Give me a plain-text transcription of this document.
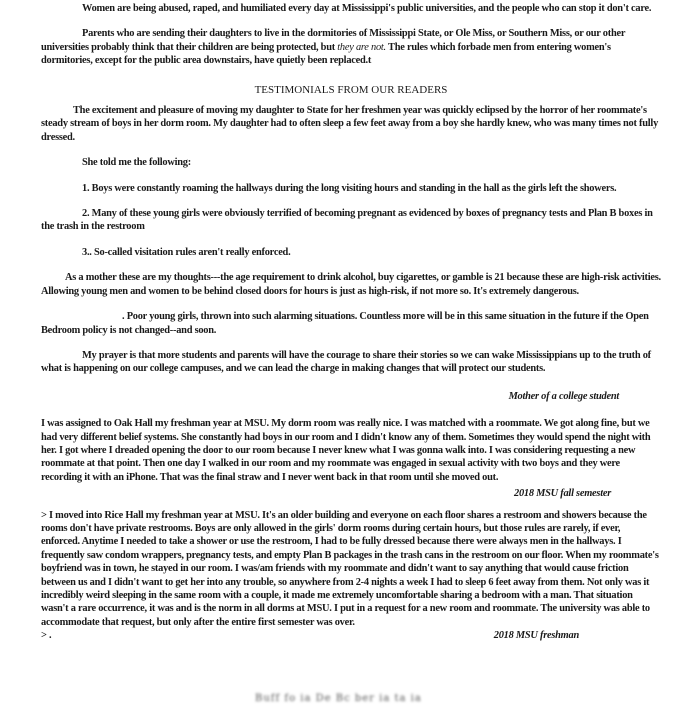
Women are being abused, raped, and humiliated every day at Mississippi's public universities, and the people who can stop it don't care.

Parents who are sending their daughters to live in the dormitories of Mississippi State, or Ole Miss, or Southern Miss, or our other universities probably think that their children are being protected, but they are not. The rules which forbade men from entering women's dormitories, except for the public area downstairs, have quietly been replaced.t

TESTIMONIALS FROM OUR READERS

The excitement and pleasure of moving my daughter to State for her freshmen year was quickly eclipsed by the horror of her roommate's steady stream of boys in her dorm room. My daughter had to often sleep a few feet away from a boy she hardly knew, who was many times not fully dressed.

She told me the following:

1. Boys were constantly roaming the hallways during the long visiting hours and standing in the hall as the girls left the showers.

2. Many of these young girls were obviously terrified of becoming pregnant as evidenced by boxes of pregnancy tests and Plan B boxes in the trash in the restroom

3.. So-called visitation rules aren't really enforced.

As a mother these are my thoughts---the age requirement to drink alcohol, buy cigarettes, or gamble is 21 because these are high-risk activities. Allowing young men and women to be behind closed doors for hours is just as high-risk, if not more so. It's extremely dangerous.

. Poor young girls, thrown into such alarming situations. Countless more will be in this same situation in the future if the Open Bedroom policy is not changed--and soon.

My prayer is that more students and parents will have the courage to share their stories so we can wake Mississippians up to the truth of what is happening on our college campuses, and we can lead the charge in making changes that will protect our students.

Mother of a college student

I was assigned to Oak Hall my freshman year at MSU. My dorm room was really nice. I was matched with a roommate. We got along fine, but we had very different belief systems. She constantly had boys in our room and I didn't know any of them. Sometimes they would spend the night with her. I got where I dreaded opening the door to our room because I never knew what I was gonna walk into. I was considering requesting a new roommate at that point. Then one day I walked in our room and my roommate was engaged in sexual activity with two boys and they were recording it with an iPhone. That was the final straw and I never went back in that room until she moved out.

2018 MSU fall semester

> I moved into Rice Hall my freshman year at MSU. It's an older building and everyone on each floor shares a restroom and showers because the rooms don't have private restrooms. Boys are only allowed in the girls' dorm rooms during certain hours, but those rules are rarely, if ever, enforced. Anytime I needed to take a shower or use the restroom, I had to be fully dressed because there were always men in the hallways. I frequently saw condom wrappers, pregnancy tests, and empty Plan B packages in the trash cans in the restroom on our floor. When my roommate's boyfriend was in town, he stayed in our room. I was/am friends with my roommate and didn't want to say anything that would cause friction between us and I didn't want to get her into any trouble, so anywhere from 2-4 nights a week I had to sleep 6 feet away from them. Not only was it incredibly weird sleeping in the same room with a couple, it made me extremely uncomfortable sharing a bedroom with a man. That situation wasn't a rare occurrence, it was and is the norm in all dorms at MSU. I put in a request for a new room and roommate. The university was able to accommodate that request, but only after the entire first semester was over.

> .	2018 MSU freshman
Buff fo ia De Bc ber ia ta ia
